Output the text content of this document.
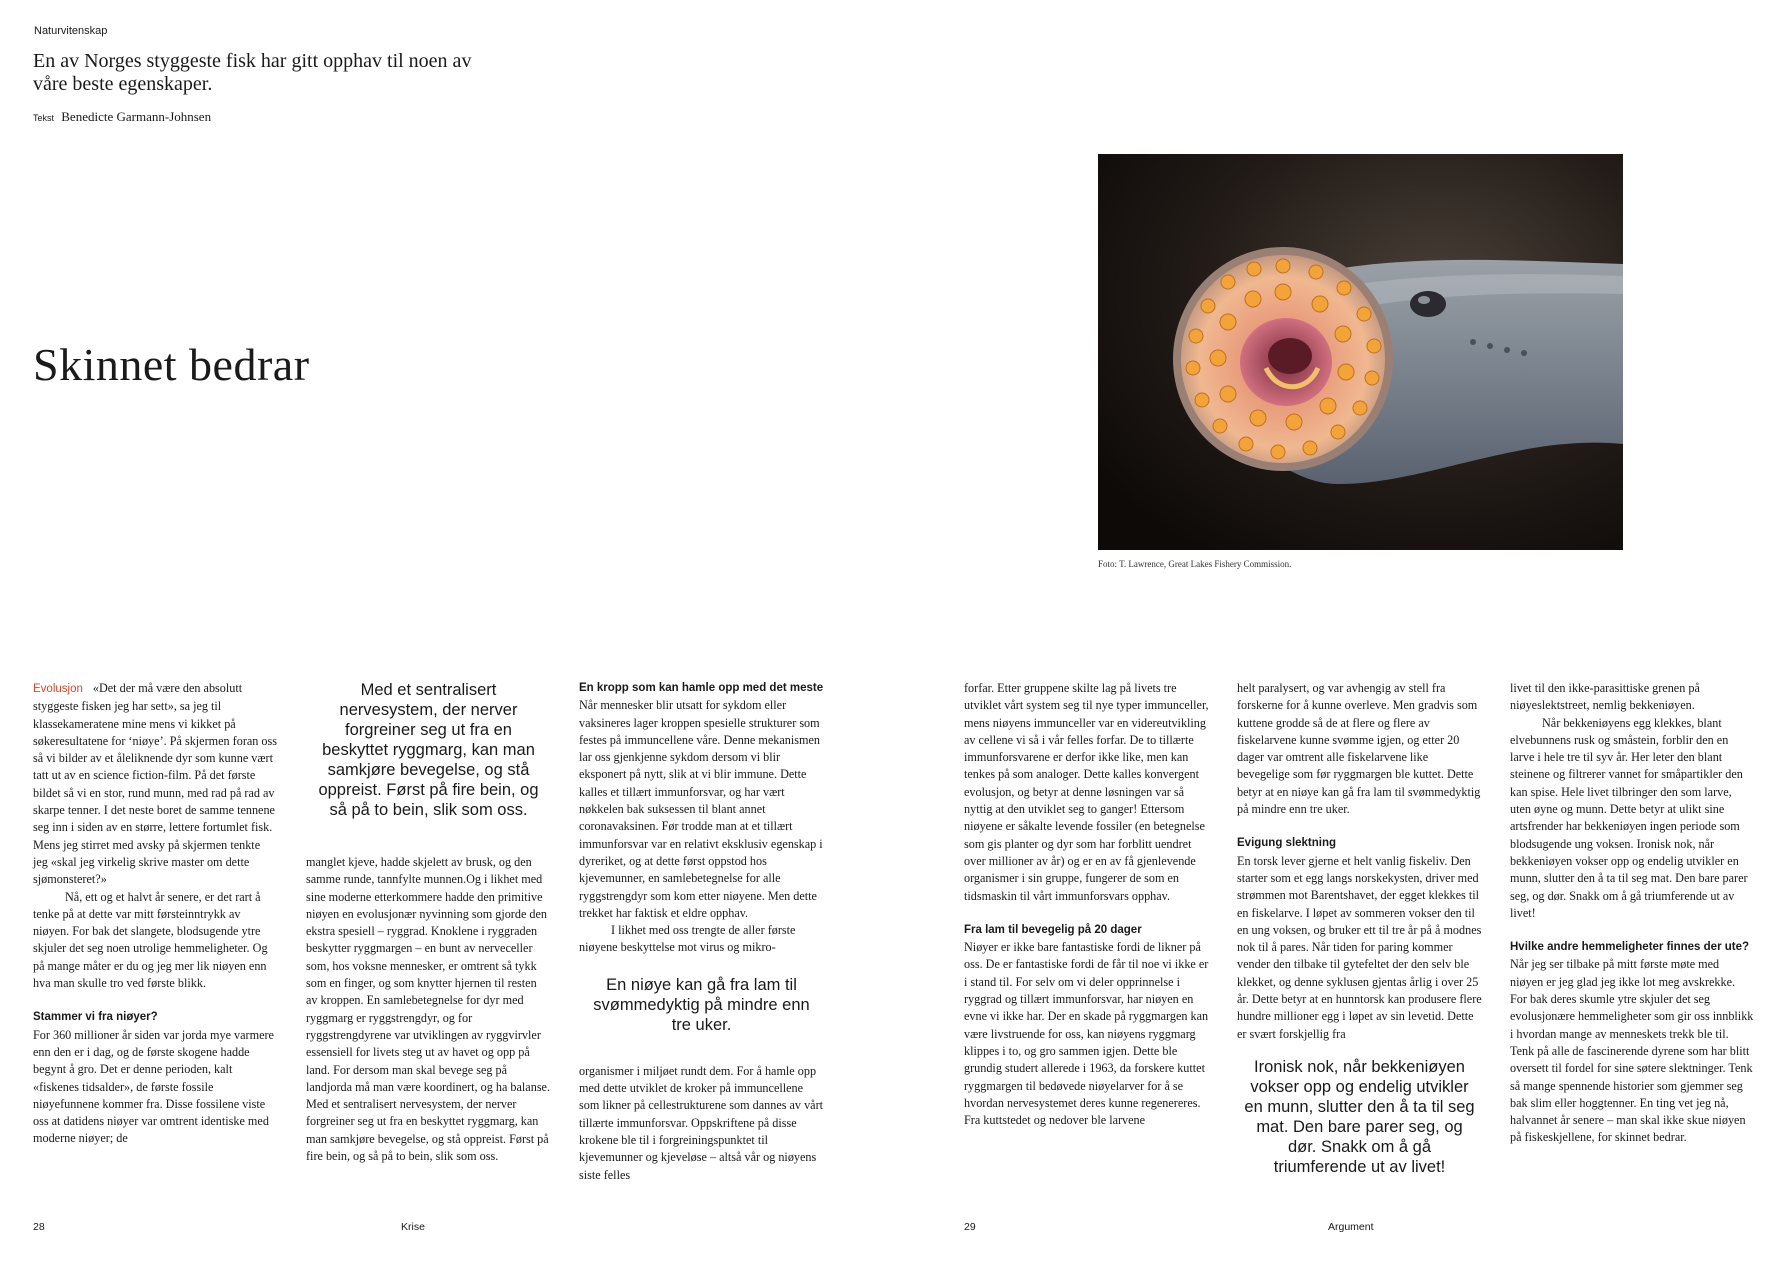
Naturvitenskap
En av Norges styggeste fisk har gitt opphav til noen av våre beste egenskaper.
Tekst Benedicte Garmann-Johnsen
Skinnet bedrar
Foto: T. Lawrence, Great Lakes Fishery Commission.

Evolusjon «Det der må være den absolutt styggeste fisken jeg har sett», sa jeg til klassekameratene mine mens vi kikket på søkeresultatene for ‘niøye’. På skjermen foran oss så vi bilder av et åleliknende dyr som kunne vært tatt ut av en science fiction-film. På det første bildet så vi en stor, rund munn, med rad på rad av skarpe tenner. I det neste boret de samme tennene seg inn i siden av en større, lettere fortumlet fisk. Mens jeg stirret med avsky på skjermen tenkte jeg «skal jeg virkelig skrive master om dette sjømonsteret?»

Nå, ett og et halvt år senere, er det rart å tenke på at dette var mitt førsteinntrykk av niøyen. For bak det slangete, blodsugende ytre skjuler det seg noen utrolige hemmeligheter. Og på mange måter er du og jeg mer lik niøyen enn hva man skulle tro ved første blikk.

Stammer vi fra niøyer?

For 360 millioner år siden var jorda mye varmere enn den er i dag, og de første skogene hadde begynt å gro. Det er denne perioden, kalt «fiskenes tidsalder», de første fossile niøyefunnene kommer fra. Disse fossilene viste oss at datidens niøyer var omtrent identiske med moderne niøyer; de

Med et sentralisert nervesystem, der nerver forgreiner seg ut fra en beskyttet ryggmarg, kan man samkjøre bevegelse, og stå oppreist. Først på fire bein, og så på to bein, slik som oss.

manglet kjeve, hadde skjelett av brusk, og den samme runde, tannfylte munnen.Og i likhet med sine moderne etterkommere hadde den primitive niøyen en evolusjonær nyvinning som gjorde den ekstra spesiell – ryggrad. Knoklene i ryggraden beskytter ryggmargen – en bunt av nerveceller som, hos voksne mennesker, er omtrent så tykk som en finger, og som knytter hjernen til resten av kroppen. En samlebetegnelse for dyr med ryggmarg er ryggstrengdyr, og for ryggstrengdyrene var utviklingen av ryggvirvler essensiell for livets steg ut av havet og opp på land. For dersom man skal bevege seg på landjorda må man være koordinert, og ha balanse. Med et sentralisert nervesystem, der nerver forgreiner seg ut fra en beskyttet ryggmarg, kan man samkjøre bevegelse, og stå oppreist. Først på fire bein, og så på to bein, slik som oss.

En kropp som kan hamle opp med det meste

Når mennesker blir utsatt for sykdom eller vaksineres lager kroppen spesielle strukturer som festes på immuncellene våre. Denne mekanismen lar oss gjenkjenne sykdom dersom vi blir eksponert på nytt, slik at vi blir immune. Dette kalles et tillært immunforsvar, og har vært nøkkelen bak suksessen til blant annet coronavaksinen. Før trodde man at et tillært immunforsvar var en relativt eksklusiv egenskap i dyreriket, og at dette først oppstod hos kjevemunner, en samlebetegnelse for alle ryggstrengdyr som kom etter niøyene. Men dette trekket har faktisk et eldre opphav.

I likhet med oss trengte de aller første niøyene beskyttelse mot virus og mikro-

En niøye kan gå fra lam til svømmedyktig på mindre enn tre uker.

organismer i miljøet rundt dem. For å hamle opp med dette utviklet de kroker på immuncellene som likner på cellestrukturene som dannes av vårt tillærte immunforsvar. Oppskriftene på disse krokene ble til i forgreiningspunktet til kjevemunner og kjeveløse – altså vår og niøyens siste felles

forfar. Etter gruppene skilte lag på livets tre utviklet vårt system seg til nye typer immunceller, mens niøyens immunceller var en videreutvikling av cellene vi så i vår felles forfar. De to tillærte immunforsvarene er derfor ikke like, men kan tenkes på som analoger. Dette kalles konvergent evolusjon, og betyr at denne løsningen var så nyttig at den utviklet seg to ganger! Ettersom niøyene er såkalte levende fossiler (en betegnelse som gis planter og dyr som har forblitt uendret over millioner av år) og er en av få gjenlevende organismer i sin gruppe, fungerer de som en tidsmaskin til vårt immunforsvars opphav.

Fra lam til bevegelig på 20 dager

Niøyer er ikke bare fantastiske fordi de likner på oss. De er fantastiske fordi de får til noe vi ikke er i stand til. For selv om vi deler opprinnelse i ryggrad og tillært immunforsvar, har niøyen en evne vi ikke har. Der en skade på ryggmargen kan være livstruende for oss, kan niøyens ryggmarg klippes i to, og gro sammen igjen. Dette ble grundig studert allerede i 1963, da forskere kuttet ryggmargen til bedøvede niøyelarver for å se hvordan nervesystemet deres kunne regenereres. Fra kuttstedet og nedover ble larvene

helt paralysert, og var avhengig av stell fra forskerne for å kunne overleve. Men gradvis som kuttene grodde så de at flere og flere av fiskelarvene kunne svømme igjen, og etter 20 dager var omtrent alle fiskelarvene like bevegelige som før ryggmargen ble kuttet. Dette betyr at en niøye kan gå fra lam til svømmedyktig på mindre enn tre uker.

Evigung slektning

En torsk lever gjerne et helt vanlig fiskeliv. Den starter som et egg langs norskekysten, driver med strømmen mot Barentshavet, der egget klekkes til en fiskelarve. I løpet av sommeren vokser den til en ung voksen, og bruker ett til tre år på å modnes nok til å pares. Når tiden for paring kommer vender den tilbake til gytefeltet der den selv ble klekket, og denne syklusen gjentas årlig i over 25 år. Dette betyr at en hunntorsk kan produsere flere hundre millioner egg i løpet av sin levetid. Dette er svært forskjellig fra

Ironisk nok, når bekkeniøyen vokser opp og endelig utvikler en munn, slutter den å ta til seg mat. Den bare parer seg, og dør. Snakk om å gå triumferende ut av livet!

livet til den ikke-parasittiske grenen på niøyeslektstreet, nemlig bekkeniøyen.

Når bekkeniøyens egg klekkes, blant elvebunnens rusk og småstein, forblir den en larve i hele tre til syv år. Her leter den blant steinene og filtrerer vannet for småpartikler den kan spise. Hele livet tilbringer den som larve, uten øyne og munn. Dette betyr at ulikt sine artsfrender har bekkeniøyen ingen periode som blodsugende ung voksen. Ironisk nok, når bekkeniøyen vokser opp og endelig utvikler en munn, slutter den å ta til seg mat. Den bare parer seg, og dør. Snakk om å gå triumferende ut av livet!

Hvilke andre hemmeligheter finnes der ute?

Når jeg ser tilbake på mitt første møte med niøyen er jeg glad jeg ikke lot meg avskrekke. For bak deres skumle ytre skjuler det seg evolusjonære hemmeligheter som gir oss innblikk i hvordan mange av menneskets trekk ble til. Tenk på alle de fascinerende dyrene som har blitt oversett til fordel for sine søtere slektninger. Tenk så mange spennende historier som gjemmer seg bak slim eller hoggtenner. En ting vet jeg nå, halvannet år senere – man skal ikke skue niøyen på fiskeskjellene, for skinnet bedrar.

28	Krise	29	Argument
